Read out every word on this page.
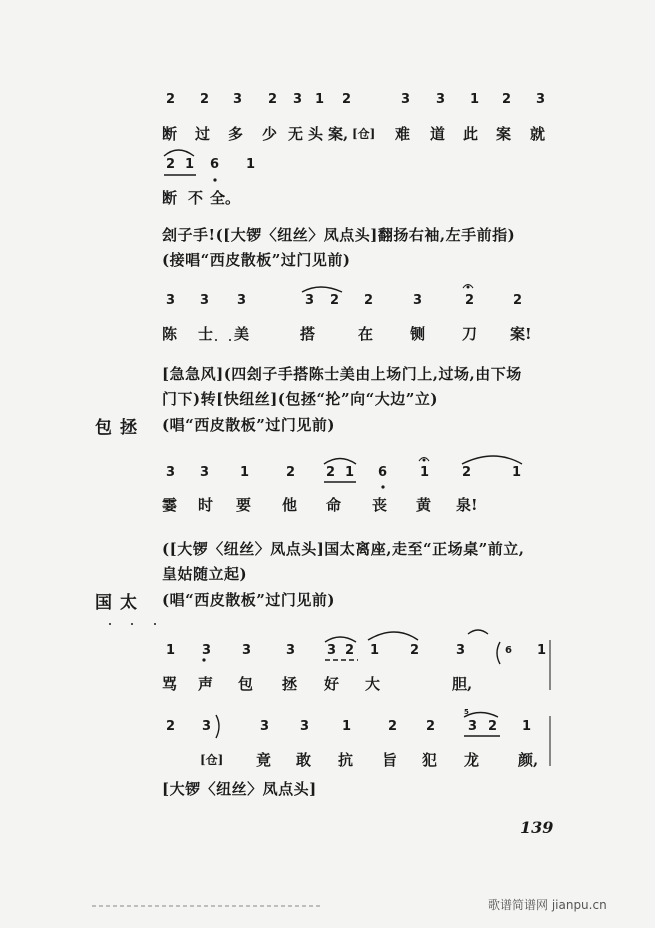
2 2 3 2 3 1 2	3 3 1 2 3
断 过 多 少 无 头 案, [仓] 难 道 此 案 就
2 1 6 1
断 不 全。
刽子手!([大锣〈纽丝〉凤点头]翻扬右袖,左手前指)
(接唱“西皮散板”过门见前)
3 3 3	3 2 2	3	2	2
陈 士 美	搭	在 铡 刀 案!
[急急风](四刽子手搭陈士美由上场门上,过场,由下场
门下)转[快纽丝](包拯“抡”向“大边”立)
包拯 (唱“西皮散板”过门见前)
3 3 1	2 2 1 6	1	2	1
霎 时 要 他 命 丧 黄 泉!
([大锣〈纽丝〉凤点头]国太离座,走至“正场桌”前立,
皇姑随立起)
国太 (唱“西皮散板”过门见前)
1 3 3	3 3 2 1 2	3	6 1
骂 声 包 拯 好 大	胆,
2 3	3 3	1	2 2	3 2 1
5
[仓] 竟 敢 抗 旨 犯 龙	颜,
[大锣〈纽丝〉凤点头]
139
歌谱简谱网 jianpu.cn
